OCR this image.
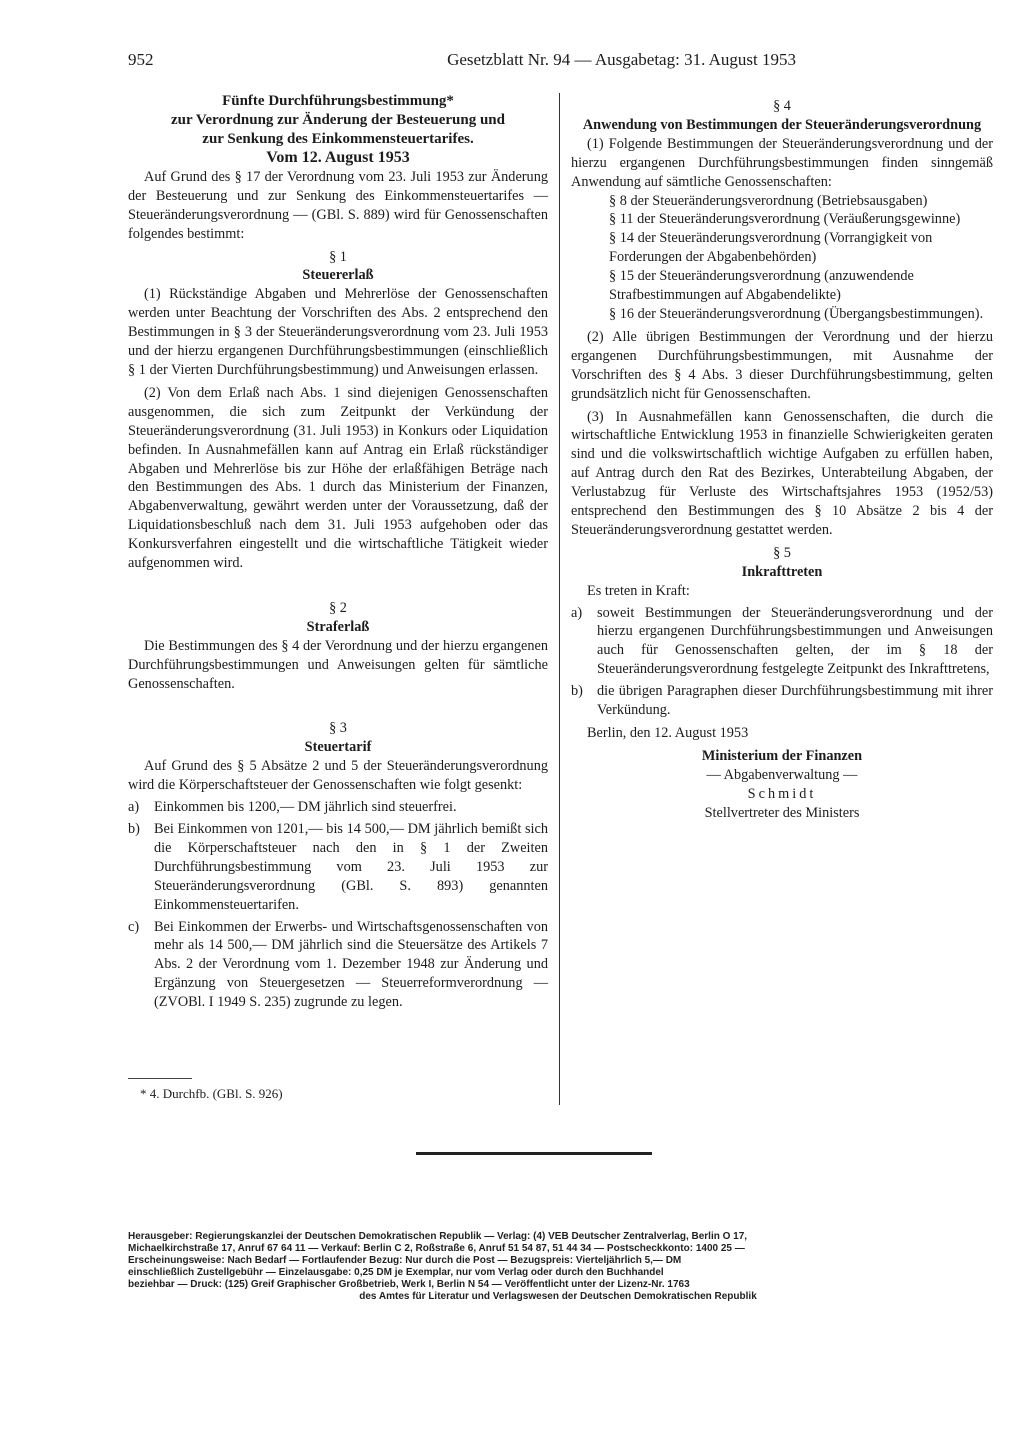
952	Gesetzblatt Nr. 94 — Ausgabetag: 31. August 1953

Fünfte Durchführungsbestimmung*

zur Verordnung zur Änderung der Besteuerung und

zur Senkung des Einkommensteuertarifes.

Vom 12. August 1953

Auf Grund des § 17 der Verordnung vom 23. Juli 1953 zur Änderung der Besteuerung und zur Senkung des Einkommensteuertarifes — Steueränderungsverordnung — (GBl. S. 889) wird für Genossenschaften folgendes bestimmt:

§ 1

Steuererlaß

(1) Rückständige Abgaben und Mehrerlöse der Genossenschaften werden unter Beachtung der Vorschriften des Abs. 2 entsprechend den Bestimmungen in § 3 der Steueränderungsverordnung vom 23. Juli 1953 und der hierzu ergangenen Durchführungsbestimmungen (einschließlich § 1 der Vierten Durchführungsbestimmung) und Anweisungen erlassen.

(2) Von dem Erlaß nach Abs. 1 sind diejenigen Genossenschaften ausgenommen, die sich zum Zeitpunkt der Verkündung der Steueränderungsverordnung (31. Juli 1953) in Konkurs oder Liquidation befinden. In Ausnahmefällen kann auf Antrag ein Erlaß rückständiger Abgaben und Mehrerlöse bis zur Höhe der erlaßfähigen Beträge nach den Bestimmungen des Abs. 1 durch das Ministerium der Finanzen, Abgabenverwaltung, gewährt werden unter der Voraussetzung, daß der Liquidationsbeschluß nach dem 31. Juli 1953 aufgehoben oder das Konkursverfahren eingestellt und die wirtschaftliche Tätigkeit wieder aufgenommen wird.

§ 2

Straferlaß

Die Bestimmungen des § 4 der Verordnung und der hierzu ergangenen Durchführungsbestimmungen und Anweisungen gelten für sämtliche Genossenschaften.

§ 3

Steuertarif

Auf Grund des § 5 Absätze 2 und 5 der Steueränderungsverordnung wird die Körperschaftsteuer der Genossenschaften wie folgt gesenkt:

a)	Einkommen bis 1200,— DM jährlich sind steuerfrei.
b) Bei Einkommen von 1201,— bis 14 500,— DM jährlich bemißt sich die Körperschaftsteuer nach den in § 1 der Zweiten Durchführungsbestimmung vom 23. Juli 1953 zur Steueränderungsverordnung (GBl. S. 893) genannten Einkommensteuertarifen.
c)	Bei Einkommen der Erwerbs- und Wirtschaftsgenossenschaften von mehr als 14 500,— DM jährlich sind die Steuersätze des Artikels 7 Abs. 2 der Verordnung vom 1. Dezember 1948 zur Änderung und Ergänzung von Steuergesetzen — Steuerreformverordnung — (ZVOBl. I 1949 S. 235) zugrunde zu legen.
* 4. Durchfb. (GBl. S. 926)

§ 4

Anwendung von Bestimmungen der Steueränderungsverordnung

(1) Folgende Bestimmungen der Steueränderungsverordnung und der hierzu ergangenen Durchführungsbestimmungen finden sinngemäß Anwendung auf sämtliche Genossenschaften:

§ 8 der Steueränderungsverordnung (Betriebsausgaben)

§ 11 der Steueränderungsverordnung (Veräußerungsgewinne)

§ 14 der Steueränderungsverordnung (Vorrangigkeit von Forderungen der Abgabenbehörden)

§ 15 der Steueränderungsverordnung (anzuwendende Strafbestimmungen auf Abgabendelikte)

§ 16 der Steueränderungsverordnung (Übergangsbestimmungen).

(2) Alle übrigen Bestimmungen der Verordnung und der hierzu ergangenen Durchführungsbestimmungen, mit Ausnahme der Vorschriften des § 4 Abs. 3 dieser Durchführungsbestimmung, gelten grundsätzlich nicht für Genossenschaften.

(3) In Ausnahmefällen kann Genossenschaften, die durch die wirtschaftliche Entwicklung 1953 in finanzielle Schwierigkeiten geraten sind und die volkswirtschaftlich wichtige Aufgaben zu erfüllen haben, auf Antrag durch den Rat des Bezirkes, Unterabteilung Abgaben, der Verlustabzug für Verluste des Wirtschaftsjahres 1953 (1952/53) entsprechend den Bestimmungen des § 10 Absätze 2 bis 4 der Steueränderungsverordnung gestattet werden.

§ 5

Inkrafttreten

Es treten in Kraft:

a)	soweit Bestimmungen der Steueränderungsverordnung und der hierzu ergangenen Durchführungsbestimmungen und Anweisungen auch für Genossenschaften gelten, der im § 18 der Steueränderungsverordnung festgelegte Zeitpunkt des Inkrafttretens,
b) die übrigen Paragraphen dieser Durchführungsbestimmung mit ihrer Verkündung.

Berlin, den 12. August 1953

Ministerium der Finanzen

— Abgabenverwaltung —

Schmidt

Stellvertreter des Ministers

Herausgeber: Regierungskanzlei der Deutschen Demokratischen Republik — Verlag: (4) VEB Deutscher Zentralverlag, Berlin O 17,
Michaelkirchstraße 17, Anruf 67 64 11 — Verkauf: Berlin C 2, Roßstraße 6, Anruf 51 54 87, 51 44 34 — Postscheckkonto: 1400 25 —
Erscheinungsweise: Nach Bedarf — Fortlaufender Bezug: Nur durch die Post — Bezugspreis: Vierteljährlich 5,— DM
einschließlich Zustellgebühr — Einzelausgabe: 0,25 DM je Exemplar, nur vom Verlag oder durch den Buchhandel
beziehbar — Druck: (125) Greif Graphischer Großbetrieb, Werk I, Berlin N 54 — Veröffentlicht unter der Lizenz-Nr. 1763
des Amtes für Literatur und Verlagswesen der Deutschen Demokratischen Republik
